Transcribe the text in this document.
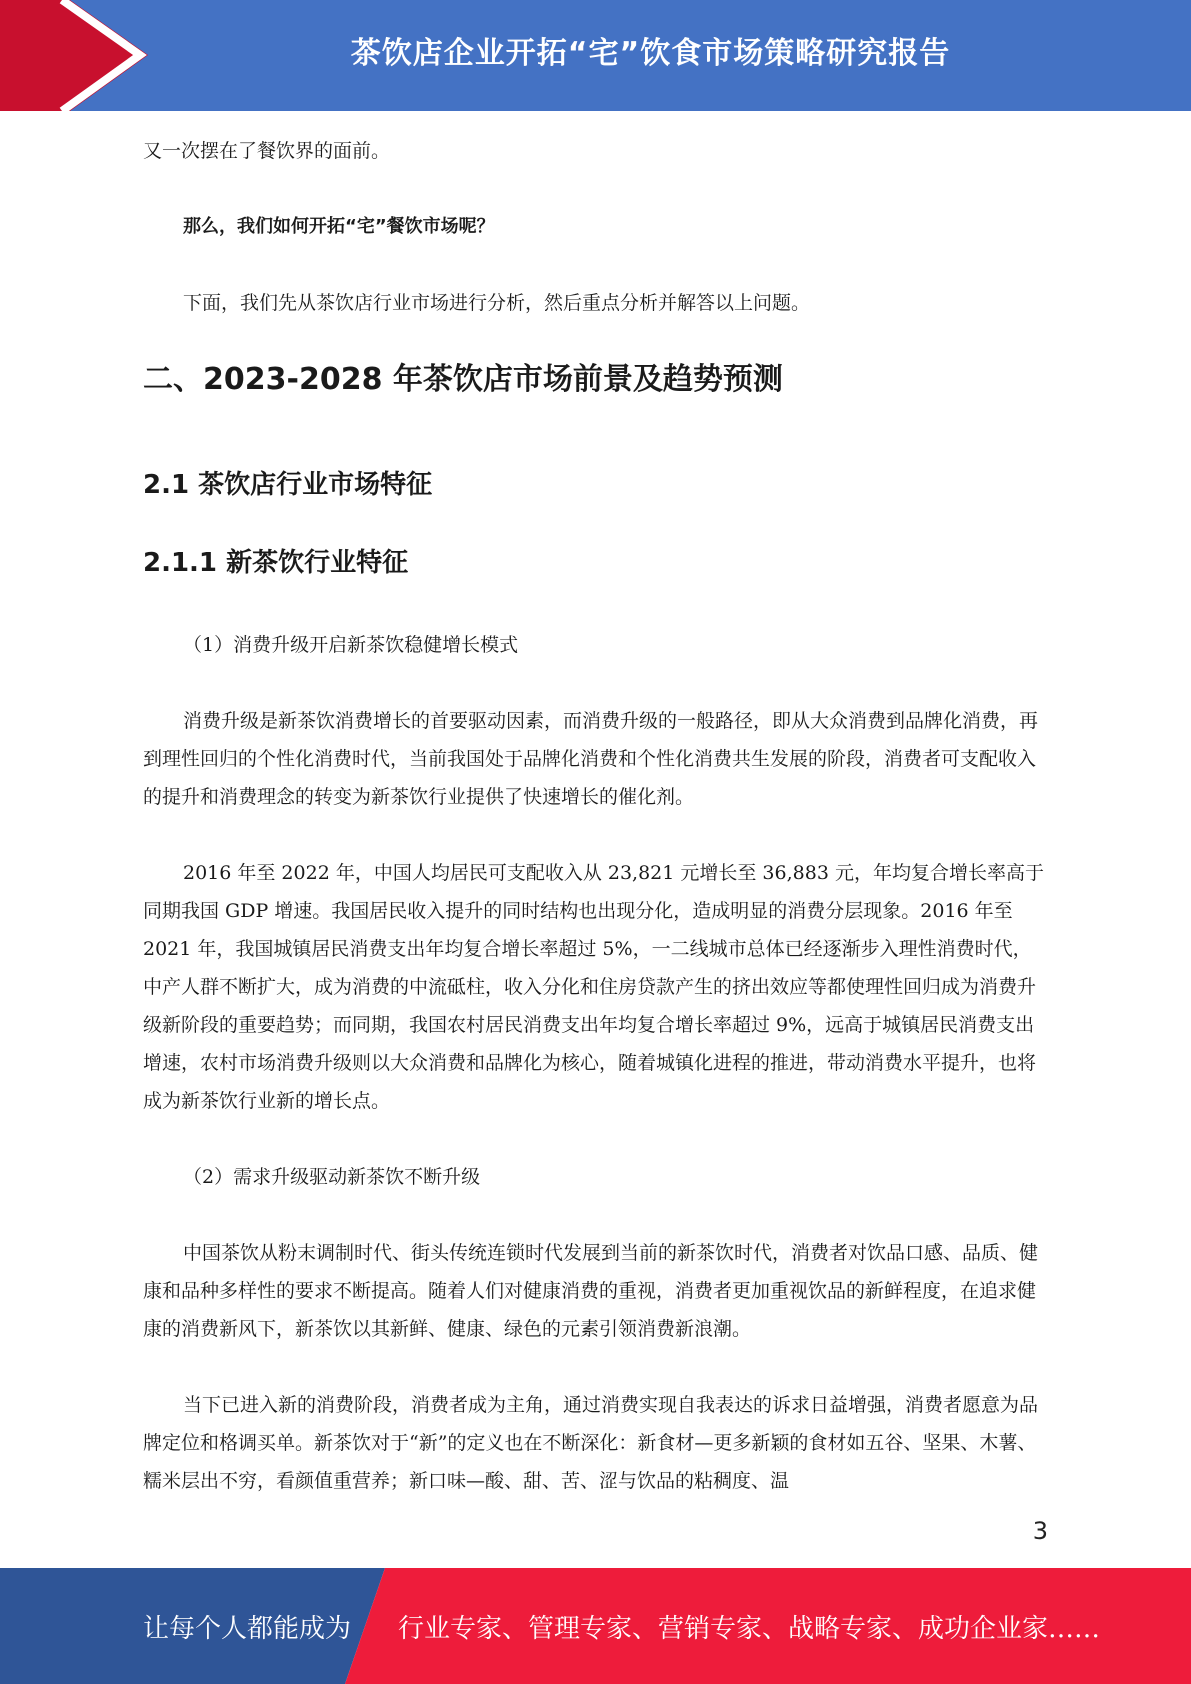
茶饮店企业开拓“宅”饮食市场策略研究报告

又一次摆在了餐饮界的面前。

那么，我们如何开拓“宅”餐饮市场呢？

下面，我们先从茶饮店行业市场进行分析，然后重点分析并解答以上问题。

二、2023-2028 年茶饮店市场前景及趋势预测
2.1 茶饮店行业市场特征
2.1.1 新茶饮行业特征

（1）消费升级开启新茶饮稳健增长模式

消费升级是新茶饮消费增长的首要驱动因素，而消费升级的一般路径，即从大众消费到品牌化消费，再到理性回归的个性化消费时代，当前我国处于品牌化消费和个性化消费共生发展的阶段，消费者可支配收入的提升和消费理念的转变为新茶饮行业提供了快速增长的催化剂。

2016 年至 2022 年，中国人均居民可支配收入从 23,821 元增长至 36,883 元，年均复合增长率高于同期我国 GDP 增速。我国居民收入提升的同时结构也出现分化，造成明显的消费分层现象。2016 年至 2021 年，我国城镇居民消费支出年均复合增长率超过 5%，一二线城市总体已经逐渐步入理性消费时代，中产人群不断扩大，成为消费的中流砥柱，收入分化和住房贷款产生的挤出效应等都使理性回归成为消费升级新阶段的重要趋势；而同期，我国农村居民消费支出年均复合增长率超过 9%，远高于城镇居民消费支出增速，农村市场消费升级则以大众消费和品牌化为核心，随着城镇化进程的推进，带动消费水平提升，也将成为新茶饮行业新的增长点。

（2）需求升级驱动新茶饮不断升级

中国茶饮从粉末调制时代、街头传统连锁时代发展到当前的新茶饮时代，消费者对饮品口感、品质、健康和品种多样性的要求不断提高。随着人们对健康消费的重视，消费者更加重视饮品的新鲜程度，在追求健康的消费新风下，新茶饮以其新鲜、健康、绿色的元素引领消费新浪潮。

当下已进入新的消费阶段，消费者成为主角，通过消费实现自我表达的诉求日益增强，消费者愿意为品牌定位和格调买单。新茶饮对于“新”的定义也在不断深化：新食材—更多新颖的食材如五谷、坚果、木薯、糯米层出不穷，看颜值重营养；新口味—酸、甜、苦、涩与饮品的粘稠度、温

3
让每个人都能成为 行业专家、管理专家、营销专家、战略专家、成功企业家……
